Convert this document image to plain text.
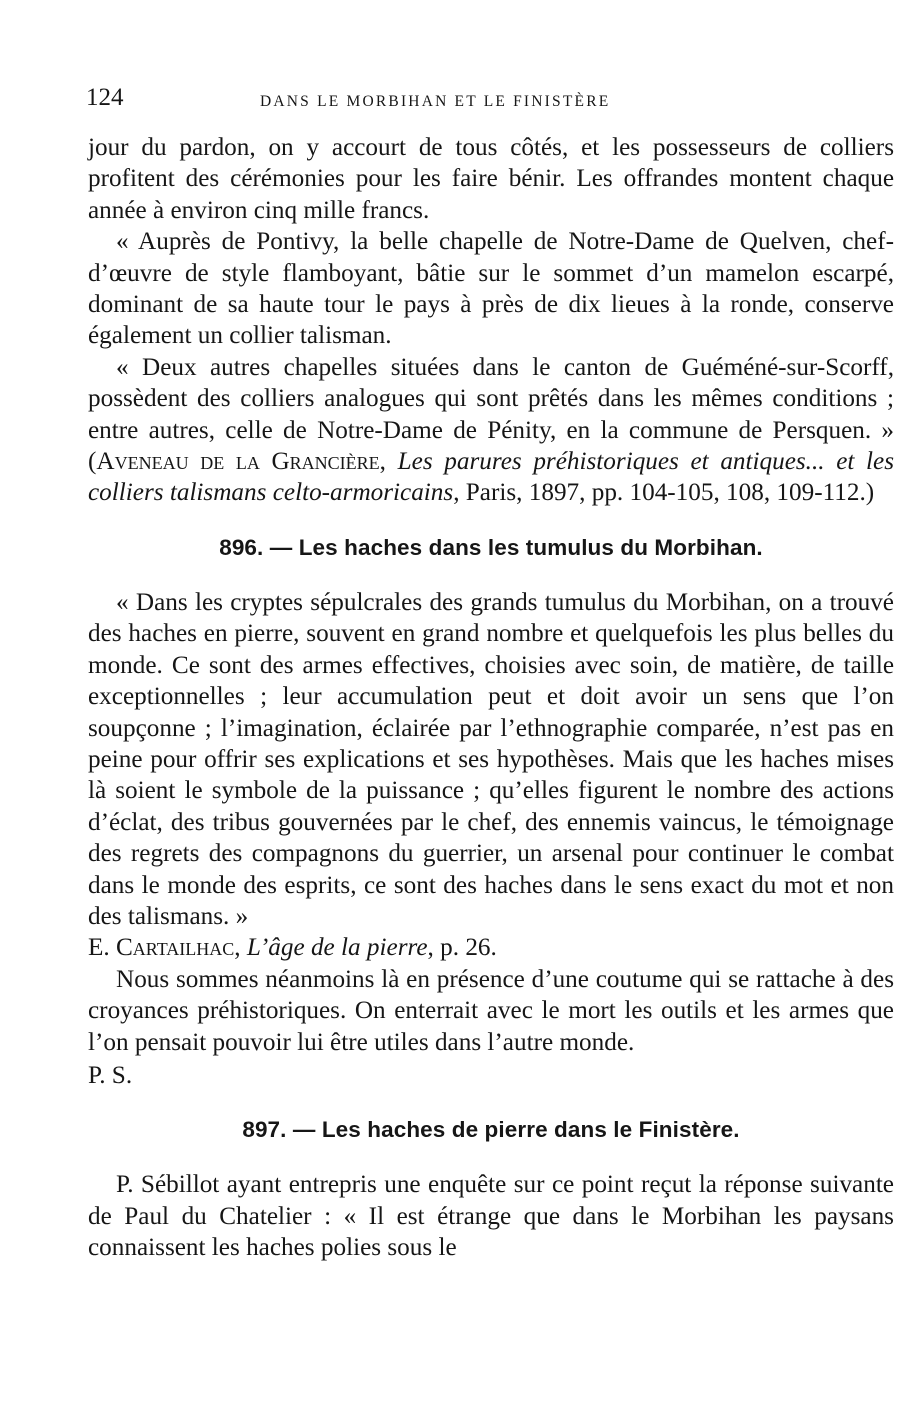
124	DANS LE MORBIHAN ET LE FINISTÈRE

jour du pardon, on y accourt de tous côtés, et les possesseurs de colliers profitent des cérémonies pour les faire bénir. Les offrandes montent chaque année à environ cinq mille francs.

« Auprès de Pontivy, la belle chapelle de Notre-Dame de Quelven, chef-d’œuvre de style flamboyant, bâtie sur le sommet d’un mamelon escarpé, dominant de sa haute tour le pays à près de dix lieues à la ronde, conserve également un collier talisman.

« Deux autres chapelles situées dans le canton de Guéméné-sur-Scorff, possèdent des colliers analogues qui sont prêtés dans les mêmes conditions ; entre autres, celle de Notre-Dame de Pénity, en la commune de Persquen. » (Aveneau de la Grancière, Les parures préhistoriques et antiques... et les colliers talismans celto-armoricains, Paris, 1897, pp. 104-105, 108, 109-112.)

896. — Les haches dans les tumulus du Morbihan.

« Dans les cryptes sépulcrales des grands tumulus du Morbihan, on a trouvé des haches en pierre, souvent en grand nombre et quelquefois les plus belles du monde. Ce sont des armes effectives, choisies avec soin, de matière, de taille exceptionnelles ; leur accumulation peut et doit avoir un sens que l’on soupçonne ; l’imagination, éclairée par l’ethnographie comparée, n’est pas en peine pour offrir ses explications et ses hypothèses. Mais que les haches mises là soient le symbole de la puissance ; qu’elles figurent le nombre des actions d’éclat, des tribus gouvernées par le chef, des ennemis vaincus, le témoignage des regrets des compagnons du guerrier, un arsenal pour continuer le combat dans le monde des esprits, ce sont des haches dans le sens exact du mot et non des talismans. »

E. Cartailhac, L’âge de la pierre, p. 26.

Nous sommes néanmoins là en présence d’une coutume qui se rattache à des croyances préhistoriques. On enterrait avec le mort les outils et les armes que l’on pensait pouvoir lui être utiles dans l’autre monde.

P. S.

897. — Les haches de pierre dans le Finistère.

P. Sébillot ayant entrepris une enquête sur ce point reçut la réponse suivante de Paul du Chatelier : « Il est étrange que dans le Morbihan les paysans connaissent les haches polies sous le
